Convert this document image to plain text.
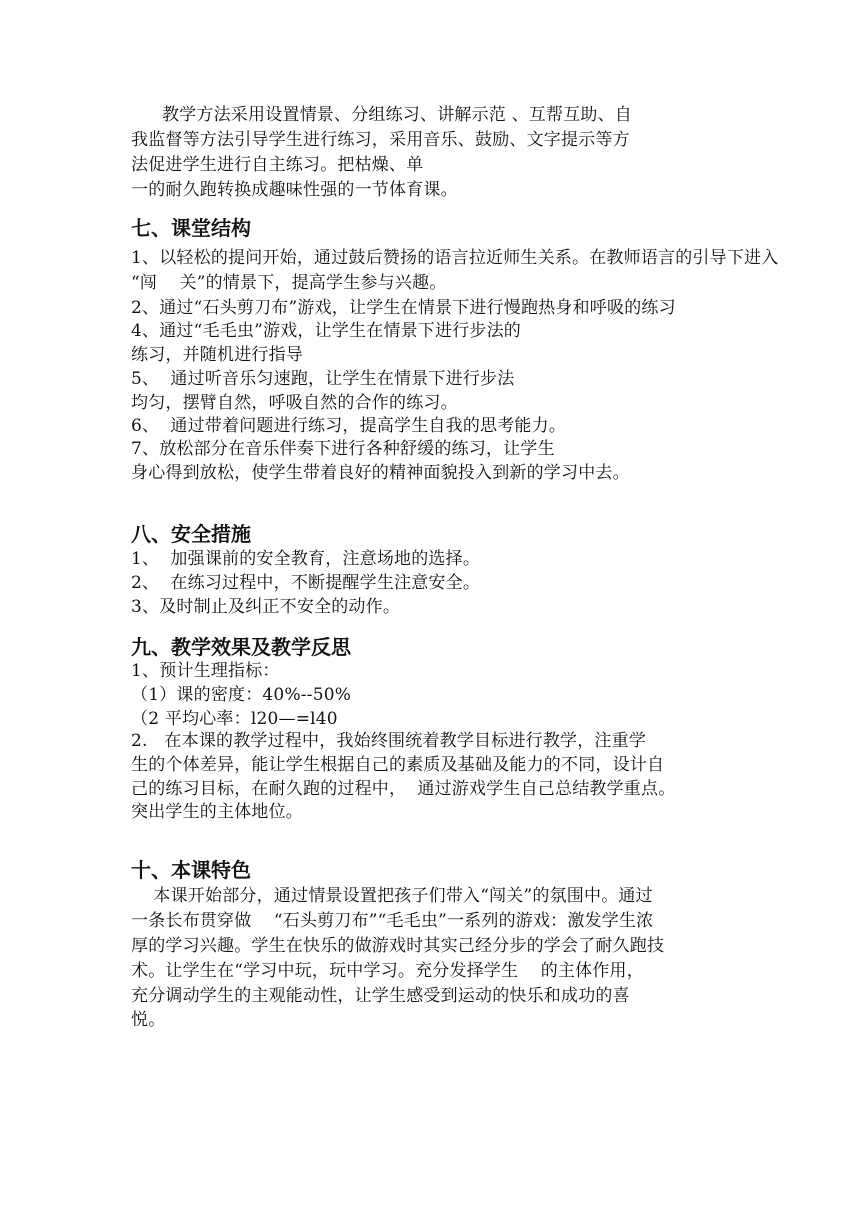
教学方法采用设置情景、分组练习、讲解示范 、互帮互助、自
我监督等方法引导学生进行练习，采用音乐、鼓励、文字提示等方
法促进学生进行自主练习。把枯燥、单
一的耐久跑转换成趣味性强的一节体育课。
七、课堂结构
1、以轻松的提问开始，通过鼓后赞扬的语言拉近师生关系。在教师语言的引导下进入
“闯    关”的情景下，提高学生参与兴趣。
2、通过“石头剪刀布”游戏，让学生在情景下进行慢跑热身和呼吸的练习
4、通过“毛毛虫”游戏，让学生在情景下进行步法的
练习，并随机进行指导
5、  通过听音乐匀速跑，让学生在情景下进行步法
均匀，摆臂自然，呼吸自然的合作的练习。
6、  通过带着问题进行练习，提高学生自我的思考能力。
7、放松部分在音乐伴奏下进行各种舒缓的练习，让学生
身心得到放松，使学生带着良好的精神面貌投入到新的学习中去。
八、安全措施
1、  加强课前的安全教育，注意场地的选择。
2、  在练习过程中，不断提醒学生注意安全。
3、及时制止及纠正不安全的动作。
九、教学效果及教学反思
1、预计生理指标：
（1）课的密度：40%--50%
（2 平均心率：l20—=l40
2.   在本课的教学过程中，我始终围统着教学目标进行教学，注重学
生的个体差异，能让学生根据自己的素质及基础及能力的不同，设计自
己的练习目标，在耐久跑的过程中，  通过游戏学生自己总结教学重点。
突出学生的主体地位。
十、本课特色
本课开始部分，通过情景设置把孩子们带入“闯关”的氛围中。通过
一条长布贯穿做    “石头剪刀布”“毛毛虫”一系列的游戏：激发学生浓
厚的学习兴趣。学生在快乐的做游戏时其实己经分步的学会了耐久跑技
术。让学生在“学习中玩，玩中学习。充分发择学生    的主体作用，
充分调动学生的主观能动性，让学生感受到运动的快乐和成功的喜
悦。
